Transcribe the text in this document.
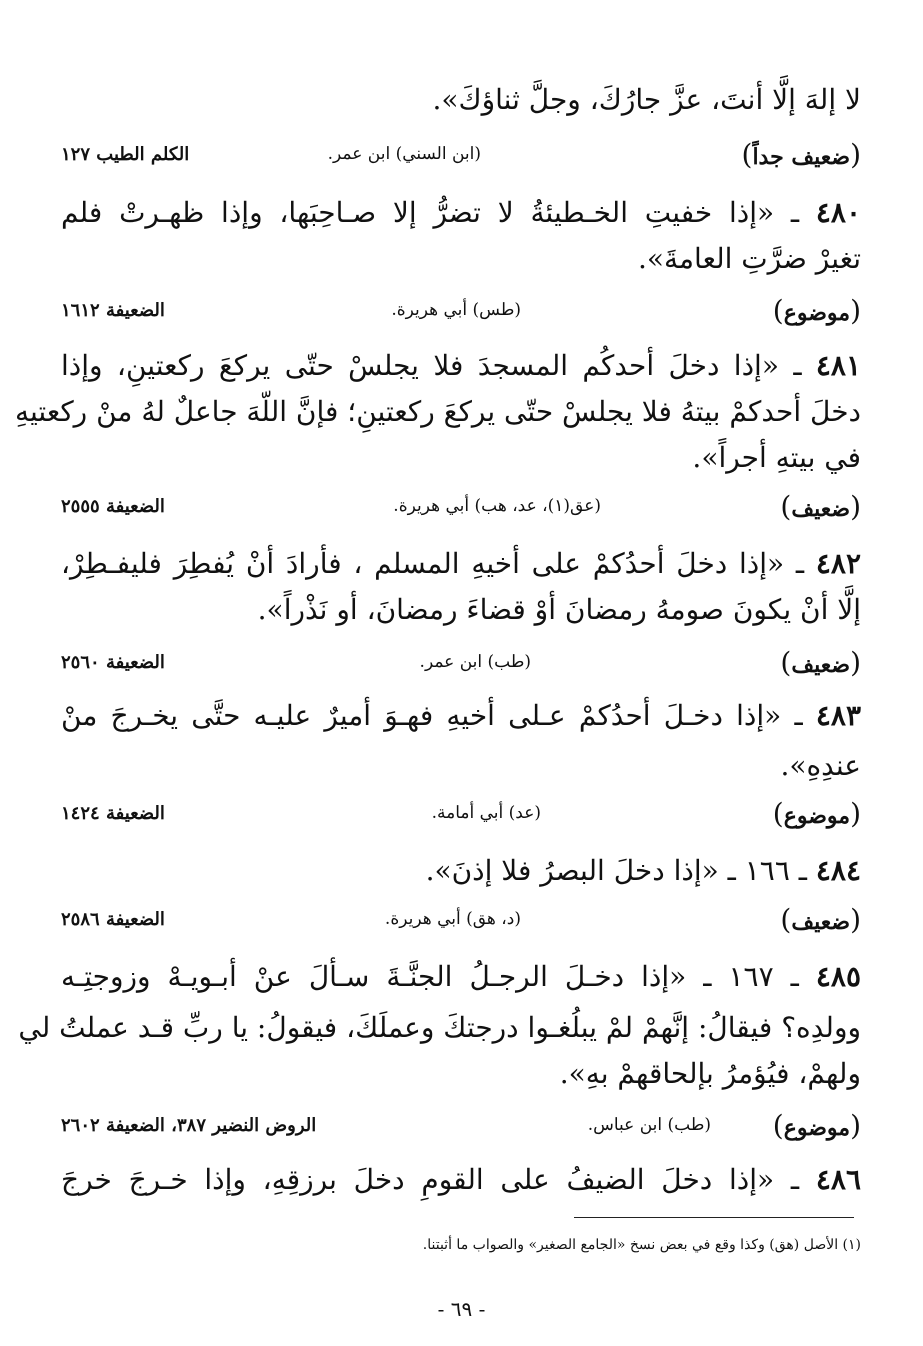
لا إلهَ إلَّا أنتَ، عزَّ جارُكَ، وجلَّ ثناؤكَ».
(ضعيف جداً)
(ابن السني) ابن عمر.
الكلم الطيب ١٢٧
٤٨٠ ـ «إذا خفيتِ الخـطيئةُ لا تضرُّ إلا صـاحِبَها، وإذا ظهـرتْ فلم
تغيرْ ضرَّتِ العامةَ».
(موضوع)
(طس) أبي هريرة.
الضعيفة ١٦١٢
٤٨١ ـ «إذا دخلَ أحدكُم المسجدَ فلا يجلسْ حتّى يركعَ ركعتينِ، وإذا
دخلَ أحدكمْ بيتهُ فلا يجلسْ حتّى يركعَ ركعتينِ؛ فإنَّ اللّهَ جاعلٌ لهُ منْ ركعتيهِ
في بيتهِ أجراً».
(ضعيف)
(عق(١)، عد، هب) أبي هريرة.
الضعيفة ٢٥٥٥
٤٨٢ ـ «إذا دخلَ أحدُكمْ على أخيهِ المسلم ، فأرادَ أنْ يُفطِرَ فليفـطِرْ،
إلَّا أنْ يكونَ صومهُ رمضانَ أوْ قضاءَ رمضانَ، أو نَذْراً».
(ضعيف)
(طب) ابن عمر.
الضعيفة ٢٥٦٠
٤٨٣ ـ «إذا دخـلَ أحدُكمْ عـلى أخيهِ فهـوَ أميرٌ عليـه حتَّى يخـرجَ منْ
عندِهِ».
(موضوع)
(عد) أبي أمامة.
الضعيفة ١٤٢٤
٤٨٤ ـ ١٦٦ ـ «إذا دخلَ البصرُ فلا إذنَ».
(ضعيف)
(د، هق) أبي هريرة.
الضعيفة ٢٥٨٦
٤٨٥ ـ ١٦٧ ـ «إذا دخـلَ الرجـلُ الجنَّـةَ سـألَ عنْ أبـويـهْ وزوجتِـه
وولدِه؟ فيقالُ: إنَّهمْ لمْ يبلُغـوا درجتكَ وعملَكَ، فيقولُ: يا ربِّ قـد عملتُ لي
ولهمْ، فيُؤمرُ بإلحاقهمْ بهِ».
(موضوع)
(طب) ابن عباس.
الروض النضير ٣٨٧، الضعيفة ٢٦٠٢
٤٨٦ ـ «إذا دخلَ الضيفُ على القومِ دخلَ برزقِهِ، وإذا خـرجَ خرجَ
(١) الأصل (هق) وكذا وقع في بعض نسخ «الجامع الصغير» والصواب ما أثبتنا.
- ٦٩ -
